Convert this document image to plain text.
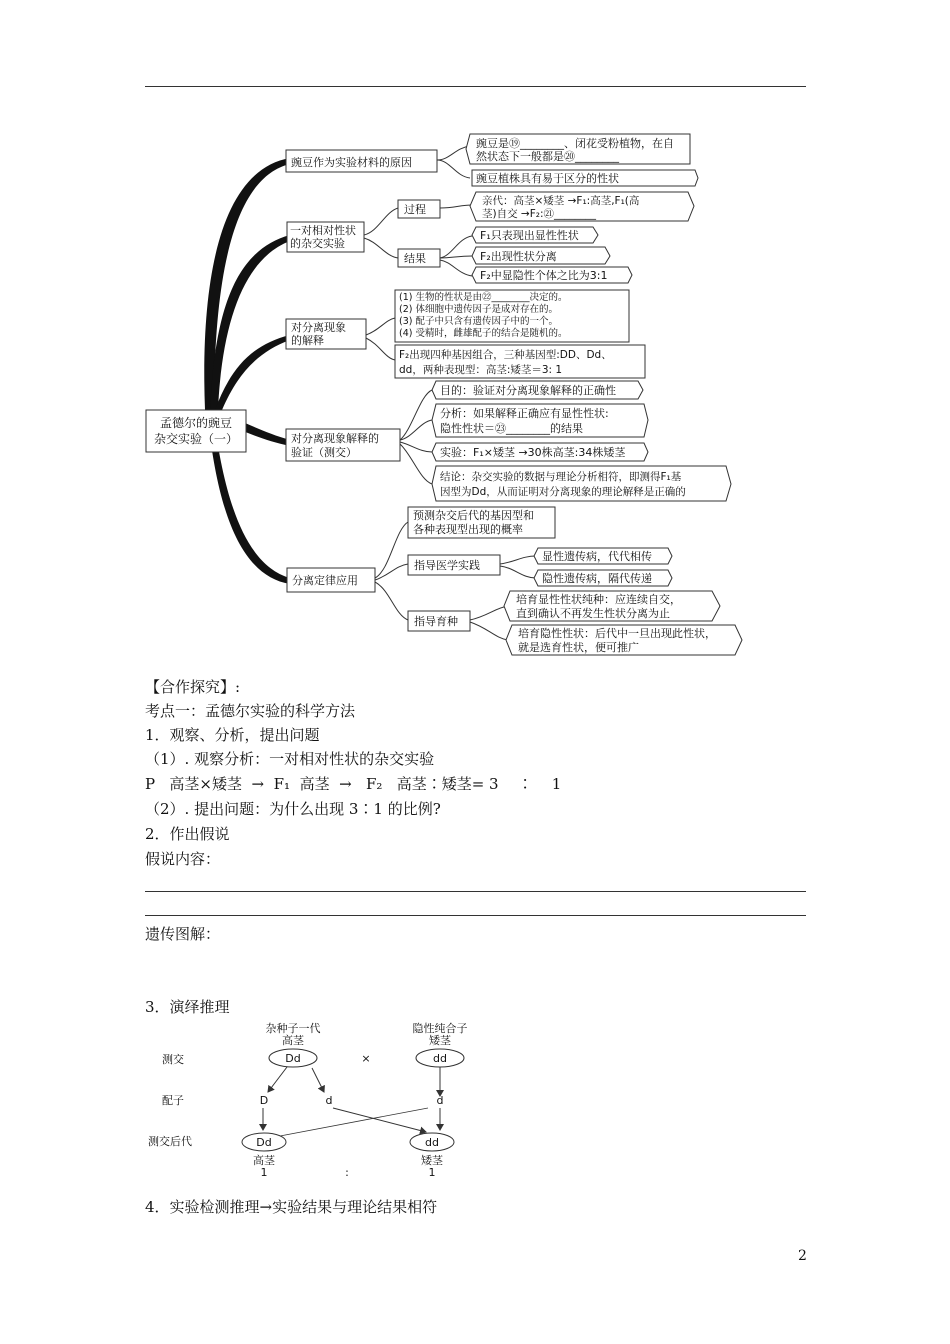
孟德尔的豌豆
杂交实验（一）
豌豆作为实验材料的原因
豌豆是⑲________、闭花受粉植物，在自
然状态下一般都是⑳________
豌豆植株具有易于区分的性状
一对相对性状
的杂交实验
过程
亲代：高茎×矮茎 →F₁:高茎,F₁(高
茎)自交 →F₂:㉑________
结果
F₁只表现出显性性状
F₂出现性状分离
F₂中显隐性个体之比为3:1
对分离现象
的解释
(1) 生物的性状是由㉒________决定的。
(2) 体细胞中遗传因子是成对存在的。
(3) 配子中只含有遗传因子中的一个。
(4) 受精时，雌雄配子的结合是随机的。
F₂出现四种基因组合，三种基因型:DD、Dd、
dd，两种表现型：高茎:矮茎＝3: 1
对分离现象解释的
验证（测交）
目的：验证对分离现象解释的正确性
分析：如果解释正确应有显性性状:
隐性性状＝㉓________的结果
实验：F₁×矮茎 →30株高茎:34株矮茎
结论：杂交实验的数据与理论分析相符，即测得F₁基
因型为Dd，从而证明对分离现象的理论解释是正确的
分离定律应用
预测杂交后代的基因型和
各种表现型出现的概率
指导医学实践
显性遗传病，代代相传
隐性遗传病，隔代传递
指导育种
培育显性性状纯种：应连续自交，
直到确认不再发生性状分离为止
培育隐性性状：后代中一旦出现此性状，
就是选育性状，便可推广
【合作探究】:
考点一：孟德尔实验的科学方法
1．观察、分析，提出问题
（1）. 观察分析：一对相对性状的杂交实验
P   高茎×矮茎  →  F₁  高茎  →   F₂   高茎∶矮茎= 3    ∶    1
（2）. 提出问题：为什么出现 3∶1 的比例?
2．作出假说
假说内容：
遗传图解：
3．演绎推理
杂种子一代
高茎
隐性纯合子
矮茎
测交
配子
测交后代
Dd	dd
×
D	d	d
Dd	dd
高茎	矮茎
1	:	1
4．实验检测推理→实验结果与理论结果相符
2
